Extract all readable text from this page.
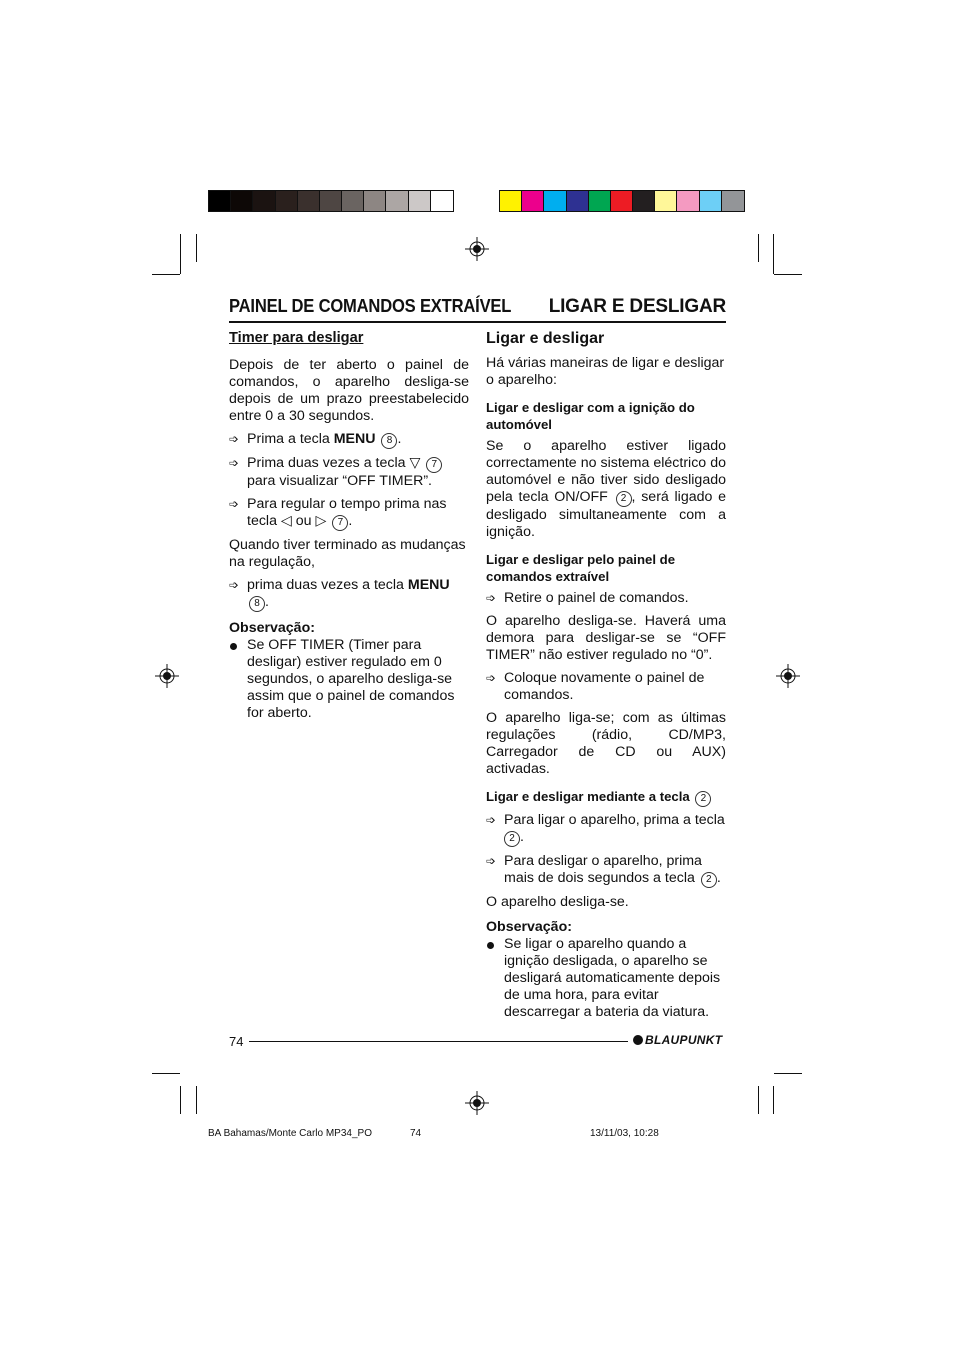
PAINEL DE COMANDOS EXTRAÍVEL LIGAR E DESLIGAR
Timer para desligar

Depois de ter aberto o painel de comandos, o aparelho desliga-se depois de um prazo preestabelecido entre 0 a 30 segundos.

➩ Prima a tecla MENU 8 .
➩ Prima duas vezes a tecla ▽ 7
para visualizar “OFF TIMER”.
➩ Para regular o tempo prima nas tecla ◁ ou ▷ 7 .

Quando tiver terminado as mudanças na regulação,

➩ prima duas vezes a tecla MENU
8 .
Observação:
Se OFF TIMER (Timer para desligar) estiver regulado em 0 segundos, o aparelho desliga-se assim que o painel de comandos for aberto.
Ligar e desligar

Há várias maneiras de ligar e desligar o aparelho:

Ligar e desligar com a ignição do automóvel

Se o aparelho estiver ligado correctamente no sistema eléctrico do automóvel e não tiver sido desligado pela tecla ON/OFF 2 , será ligado e desligado simultaneamente com a ignição.

Ligar e desligar pelo painel de comandos extraível
➩ Retire o painel de comandos.

O aparelho desliga-se. Haverá uma demora para desligar-se se “OFF TIMER” não estiver regulado no “0”.

➩ Coloque novamente o painel de comandos.

O aparelho liga-se; com as últimas regulações (rádio, CD/MP3, Carregador de CD ou AUX) activadas.

Ligar e desligar mediante a tecla 2
➩ Para ligar o aparelho, prima a tecla
2 .
➩ Para desligar o aparelho, prima mais de dois segundos a tecla 2 .

O aparelho desliga-se.

Observação:
Se ligar o aparelho quando a ignição desligada, o aparelho se desligará automaticamente depois de uma hora, para evitar descarregar a bateria da viatura.
74	BLAUPUNKT
BA Bahamas/Monte Carlo MP34_PO	74	13/11/03, 10:28
